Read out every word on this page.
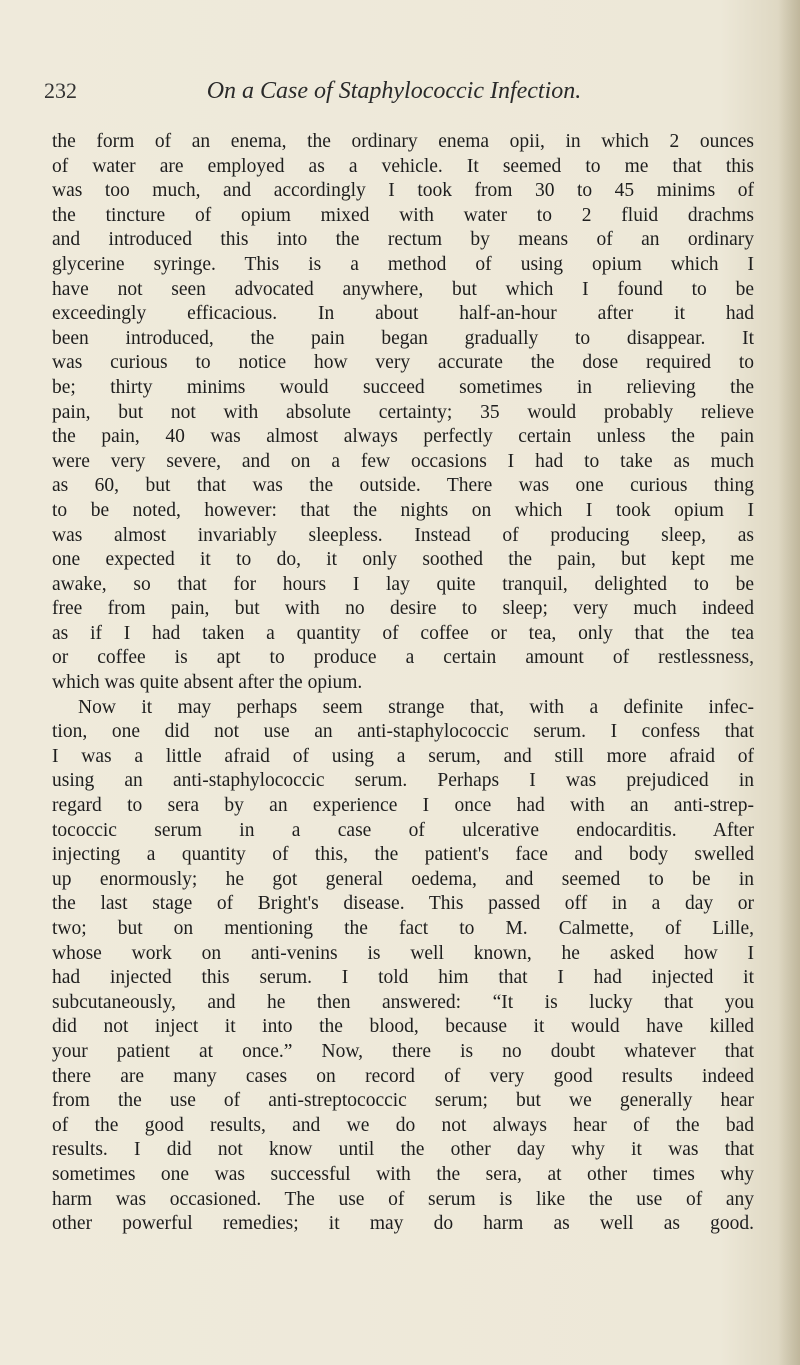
232	On a Case of Staphylococcic Infection.
the form of an enema, the ordinary enema opii, in which 2 ounces
of water are employed as a vehicle. It seemed to me that this
was too much, and accordingly I took from 30 to 45 minims of
the tincture of opium mixed with water to 2 fluid drachms
and introduced this into the rectum by means of an ordinary
glycerine syringe. This is a method of using opium which I
have not seen advocated anywhere, but which I found to be
exceedingly efficacious. In about half-an-hour after it had
been introduced, the pain began gradually to disappear. It
was curious to notice how very accurate the dose required to
be; thirty minims would succeed sometimes in relieving the
pain, but not with absolute certainty; 35 would probably relieve
the pain, 40 was almost always perfectly certain unless the pain
were very severe, and on a few occasions I had to take as much
as 60, but that was the outside. There was one curious thing
to be noted, however: that the nights on which I took opium I
was almost invariably sleepless. Instead of producing sleep, as
one expected it to do, it only soothed the pain, but kept me
awake, so that for hours I lay quite tranquil, delighted to be
free from pain, but with no desire to sleep; very much indeed
as if I had taken a quantity of coffee or tea, only that the tea
or coffee is apt to produce a certain amount of restlessness,
which was quite absent after the opium.
Now it may perhaps seem strange that, with a definite infec-
tion, one did not use an anti-staphylococcic serum. I confess that
I was a little afraid of using a serum, and still more afraid of
using an anti-staphylococcic serum. Perhaps I was prejudiced in
regard to sera by an experience I once had with an anti-strep-
tococcic serum in a case of ulcerative endocarditis. After
injecting a quantity of this, the patient's face and body swelled
up enormously; he got general oedema, and seemed to be in
the last stage of Bright's disease. This passed off in a day or
two; but on mentioning the fact to M. Calmette, of Lille,
whose work on anti-venins is well known, he asked how I
had injected this serum. I told him that I had injected it
subcutaneously, and he then answered: “It is lucky that you
did not inject it into the blood, because it would have killed
your patient at once.” Now, there is no doubt whatever that
there are many cases on record of very good results indeed
from the use of anti-streptococcic serum; but we generally hear
of the good results, and we do not always hear of the bad
results. I did not know until the other day why it was that
sometimes one was successful with the sera, at other times why
harm was occasioned. The use of serum is like the use of any
other powerful remedies; it may do harm as well as good.
